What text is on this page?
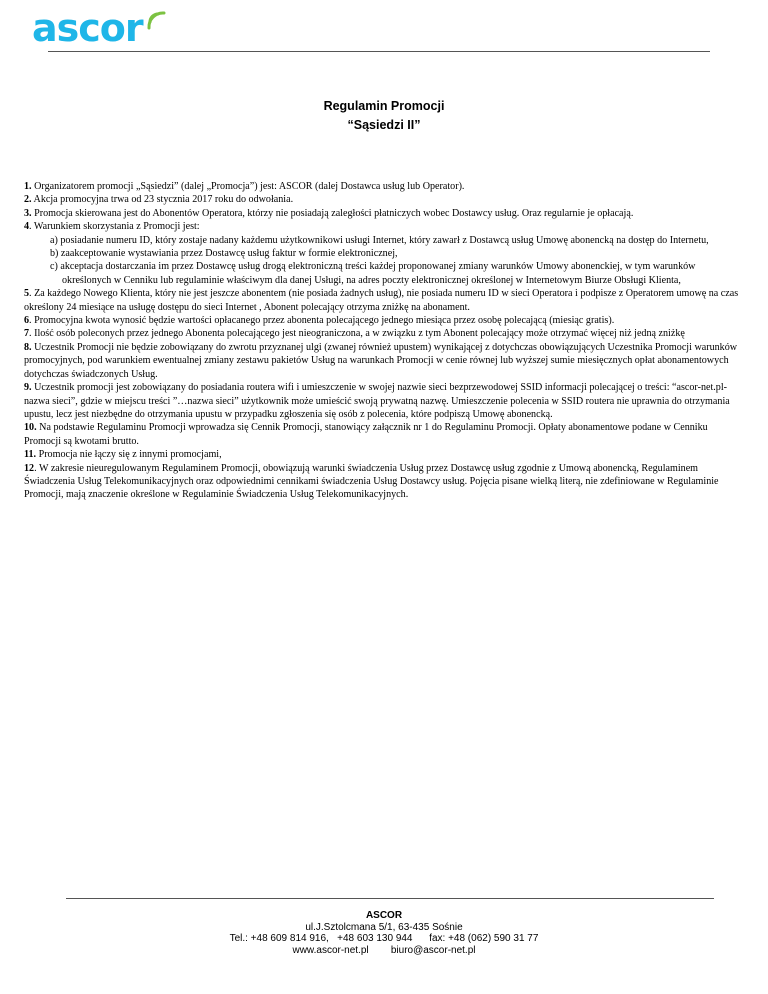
ascor
Regulamin Promocji
“Sąsiedzi II”

1. Organizatorem promocji „Sąsiedzi” (dalej „Promocja”) jest: ASCOR (dalej Dostawca usług lub Operator).

2. Akcja promocyjna trwa od 23 stycznia 2017 roku do odwołania.

3. Promocja skierowana jest do Abonentów Operatora, którzy nie posiadają zaległości płatniczych wobec Dostawcy usług. Oraz regularnie je opłacają.

4. Warunkiem skorzystania z Promocji jest:

a) posiadanie numeru ID, który zostaje nadany każdemu użytkownikowi usługi Internet, który zawarł z Dostawcą usług Umowę abonencką na dostęp do Internetu,

b) zaakceptowanie wystawiania przez Dostawcę usług faktur w formie elektronicznej,

c) akceptacja dostarczania im przez Dostawcę usług drogą elektroniczną treści każdej proponowanej zmiany warunków Umowy abonenckiej, w tym warunków

określonych w Cenniku lub regulaminie właściwym dla danej Usługi, na adres poczty elektronicznej określonej w Internetowym Biurze Obsługi Klienta,

5. Za każdego Nowego Klienta, który nie jest jeszcze abonentem (nie posiada żadnych usług), nie posiada numeru ID w sieci Operatora i podpisze z Operatorem umowę na czas określony 24 miesiące na usługę dostępu do sieci Internet , Abonent polecający otrzyma zniżkę na abonament.

6. Promocyjna kwota wynosić będzie wartości opłacanego przez abonenta polecającego jednego miesiąca przez osobę polecającą (miesiąc gratis).

7. Ilość osób poleconych przez jednego Abonenta polecającego jest nieograniczona, a w związku z tym Abonent polecający może otrzymać więcej niż jedną zniżkę

8. Uczestnik Promocji nie będzie zobowiązany do zwrotu przyznanej ulgi (zwanej również upustem) wynikającej z dotychczas obowiązujących Uczestnika Promocji warunków promocyjnych, pod warunkiem ewentualnej zmiany zestawu pakietów Usług na warunkach Promocji w cenie równej lub wyższej sumie miesięcznych opłat abonamentowych dotychczas świadczonych Usług.

9. Uczestnik promocji jest zobowiązany do posiadania routera wifi i umieszczenie w swojej nazwie sieci bezprzewodowej SSID informacji polecającej o treści: “ascor-net.pl-nazwa sieci”, gdzie w miejscu treści ”…nazwa sieci” użytkownik może umieścić swoją prywatną nazwę. Umieszczenie polecenia w SSID routera nie uprawnia do otrzymania upustu, lecz jest niezbędne do otrzymania upustu w przypadku zgłoszenia się osób z polecenia, które podpiszą Umowę abonencką.

10. Na podstawie Regulaminu Promocji wprowadza się Cennik Promocji, stanowiący załącznik nr 1 do Regulaminu Promocji. Opłaty abonamentowe podane w Cenniku Promocji są kwotami brutto.

11. Promocja nie łączy się z innymi promocjami,

12. W zakresie nieuregulowanym Regulaminem Promocji, obowiązują warunki świadczenia Usług przez Dostawcę usług zgodnie z Umową abonencką, Regulaminem Świadczenia Usług Telekomunikacyjnych oraz odpowiednimi cennikami świadczenia Usług Dostawcy usług. Pojęcia pisane wielką literą, nie zdefiniowane w Regulaminie Promocji, mają znaczenie określone w Regulaminie Świadczenia Usług Telekomunikacyjnych.

ASCOR
ul.J.Sztolcmana 5/1, 63-435 Sośnie
Tel.: +48 609 814 916,   +48 603 130 944      fax: +48 (062) 590 31 77
www.ascor-net.pl biuro@ascor-net.pl
